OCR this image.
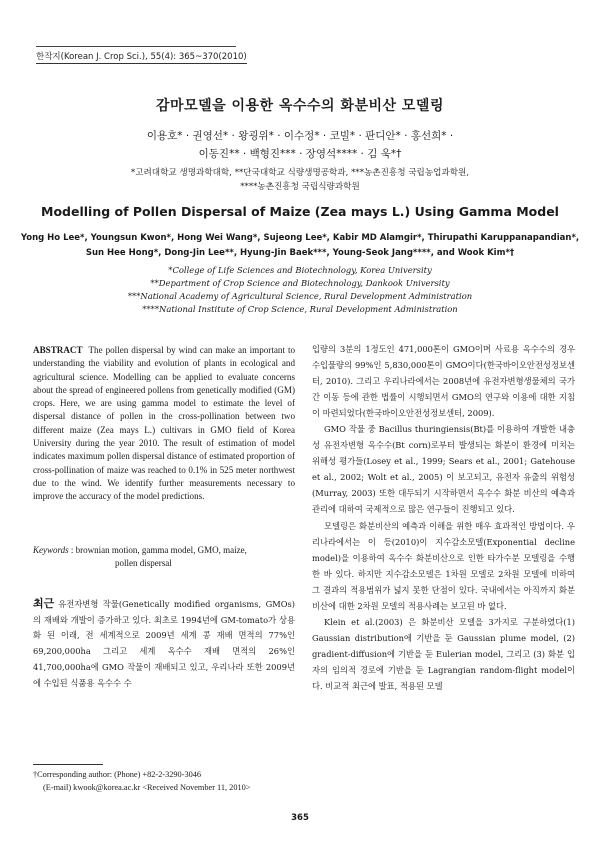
한작지(Korean J. Crop Sci.), 55(4): 365~370(2010)
감마모델을 이용한 옥수수의 화분비산 모델링
이용호* · 권영선* · 왕굉위* · 이수정* · 코빌* · 판디안* · 홍선희* ·
이동진** · 백형진*** · 장영석**** · 김 욱*†
*고려대학교 생명과학대학, **단국대학교 식량생명공학과, ***농촌진흥청 국립농업과학원,
****농촌진흥청 국립식량과학원
Modelling of Pollen Dispersal of Maize (Zea mays L.) Using Gamma Model
Yong Ho Lee*, Youngsun Kwon*, Hong Wei Wang*, Sujeong Lee*, Kabir MD Alamgir*, Thirupathi Karuppanapandian*,
Sun Hee Hong*, Dong-Jin Lee**, Hyung-Jin Baek***, Young-Seok Jang****, and Wook Kim*†
*College of Life Sciences and Biotechnology, Korea University
**Department of Crop Science and Biotechnology, Dankook University
***National Academy of Agricultural Science, Rural Development Administration
****National Institute of Crop Science, Rural Development Administration
ABSTRACT The pollen dispersal by wind can make an important to understanding the viability and evolution of plants in ecological and agricultural science. Modelling can be applied to evaluate concerns about the spread of engineered pollens from genetically modified (GM) crops. Here, we are using gamma model to estimate the level of dispersal distance of pollen in the cross-pollination between two different maize (Zea mays L.) cultivars in GMO field of Korea University during the year 2010. The result of estimation of model indicates maximum pollen dispersal distance of estimated proportion of cross-pollination of maize was reached to 0.1% in 525 meter northwest due to the wind. We identify further measurements necessary to improve the accuracy of the model predictions.
Keywords : brownian motion, gamma model, GMO, maize,
pollen dispersal
최근 유전자변형 작물(Genetically modified organisms, GMOs)의 재배와 개발이 증가하고 있다. 최초로 1994년에 GM-tomato가 상용화 된 이래, 전 세계적으로 2009년 세계 콩 재배 면적의 77%인 69,200,000ha 그리고 세계 옥수수 재배 면적의 26%인 41,700,000ha에 GMO 작물이 재배되고 있고, 우리나라 또한 2009년에 수입된 식품용 옥수수 수

입량의 3분의 1정도인 471,000톤이 GMO이며 사료용 옥수수의 경우 수입물량의 99%인 5,830,000톤이 GMO이다(한국바이오안전성정보센터, 2010). 그리고 우리나라에서는 2008년에 유전자변형생물체의 국가 간 이동 등에 관한 법률이 시행되면서 GMO의 연구와 이용에 대한 지침이 마련되었다(한국바이오안전성정보센터, 2009).

GMO 작물 중 Bacillus thuringiensis(Bt)를 이용하여 개발한 내충성 유전자변형 옥수수(Bt corn)로부터 발생되는 화분이 환경에 미치는 위해성 평가들(Losey et al., 1999; Sears et al., 2001; Gatehouse et al., 2002; Wolt et al., 2005) 이 보고되고, 유전자 유출의 위험성(Murray, 2003) 또한 대두되기 시작하면서 옥수수 화분 비산의 예측과 관리에 대하여 국제적으로 많은 연구들이 진행되고 있다.

모델링은 화분비산의 예측과 이해을 위한 매우 효과적인 방법이다. 우리나라에서는 이 등(2010)이 지수감소모델(Exponential decline model)을 이용하여 옥수수 화분비산으로 인한 타가수분 모델링을 수행한 바 있다. 하지만 지수감소모델은 1차원 모델로 2차원 모델에 비하여 그 결과의 적용범위가 넓지 못한 단점이 있다. 국내에서는 아직까지 화분비산에 대한 2차원 모델의 적용사례는 보고된 바 없다.

Klein et al.(2003) 은 화분비산 모델을 3가지로 구분하였다(1) Gaussian distribution에 기반을 둔 Gaussian plume model, (2) gradient-diffusion에 기반을 둔 Eulerian model, 그리고 (3) 화분 입자의 임의적 경로에 기반을 둔 Lagrangian random-flight model이다. 비교적 최근에 발표, 적용된 모델

†Corresponding author: (Phone) +82-2-3290-3046
(E-mail) kwook@korea.ac.kr <Received November 11, 2010>
365
